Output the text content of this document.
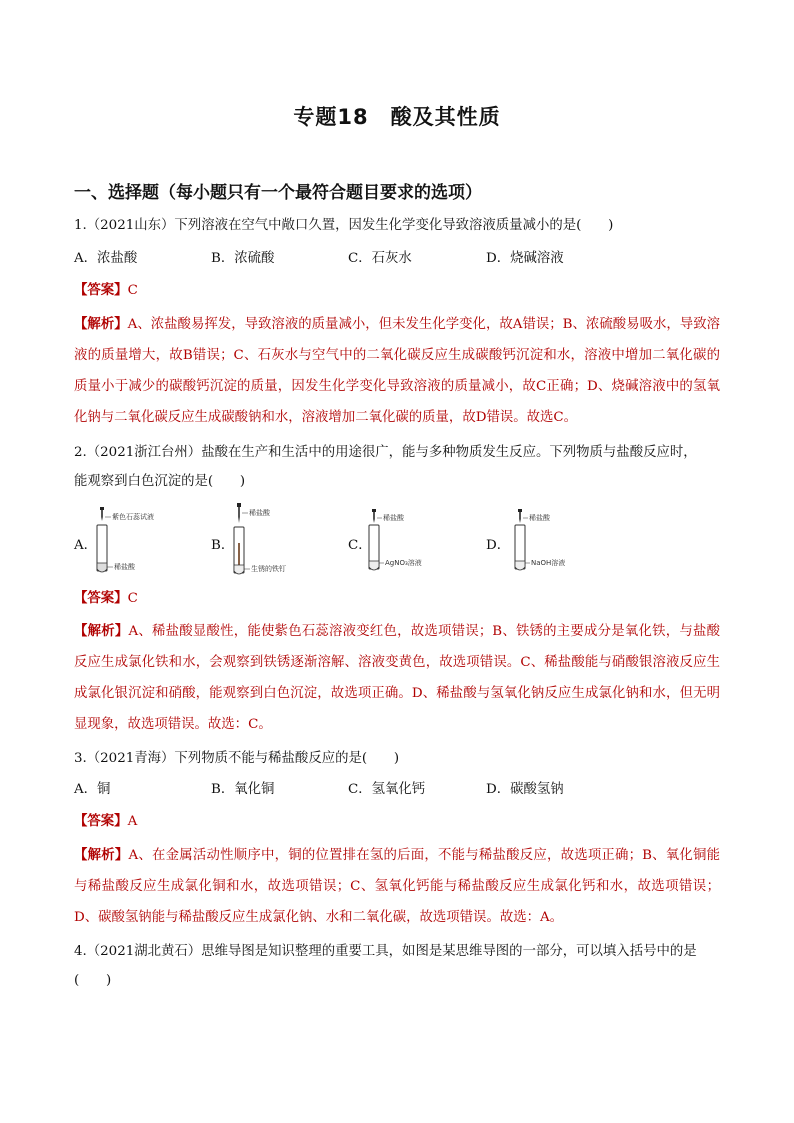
专题18　酸及其性质
一、选择题（每小题只有一个最符合题目要求的选项）
1.（2021山东）下列溶液在空气中敞口久置，因发生化学变化导致溶液质量减小的是(　　)
A．浓盐酸	B．浓硫酸	C．石灰水	D．烧碱溶液
【答案】C
【解析】A、浓盐酸易挥发，导致溶液的质量减小，但未发生化学变化，故A错误；B、浓硫酸易吸水，导致溶液的质量增大，故B错误；C、石灰水与空气中的二氧化碳反应生成碳酸钙沉淀和水，溶液中增加二氧化碳的质量小于减少的碳酸钙沉淀的质量，因发生化学变化导致溶液的质量减小，故C正确；D、烧碱溶液中的氢氧化钠与二氧化碳反应生成碳酸钠和水，溶液增加二氧化碳的质量，故D错误。故选C。
2.（2021浙江台州）盐酸在生产和生活中的用途很广，能与多种物质发生反应。下列物质与盐酸反应时，
能观察到白色沉淀的是(　　)
A．
紫色石蕊试液
稀盐酸
B．
稀盐酸
生锈的铁钉
C．
稀盐酸
AgNO₃溶液
D．
稀盐酸
NaOH溶液
【答案】C
【解析】A、稀盐酸显酸性，能使紫色石蕊溶液变红色，故选项错误；B、铁锈的主要成分是氧化铁，与盐酸反应生成氯化铁和水，会观察到铁锈逐渐溶解、溶液变黄色，故选项错误。C、稀盐酸能与硝酸银溶液反应生成氯化银沉淀和硝酸，能观察到白色沉淀，故选项正确。D、稀盐酸与氢氧化钠反应生成氯化钠和水，但无明显现象，故选项错误。故选：C。
3.（2021青海）下列物质不能与稀盐酸反应的是(　　)
A．铜	B．氧化铜	C．氢氧化钙	D．碳酸氢钠
【答案】A
【解析】A、在金属活动性顺序中，铜的位置排在氢的后面，不能与稀盐酸反应，故选项正确；B、氧化铜能与稀盐酸反应生成氯化铜和水，故选项错误；C、氢氧化钙能与稀盐酸反应生成氯化钙和水，故选项错误；D、碳酸氢钠能与稀盐酸反应生成氯化钠、水和二氧化碳，故选项错误。故选：A。
4.（2021湖北黄石）思维导图是知识整理的重要工具，如图是某思维导图的一部分，可以填入括号中的是
(　　)
